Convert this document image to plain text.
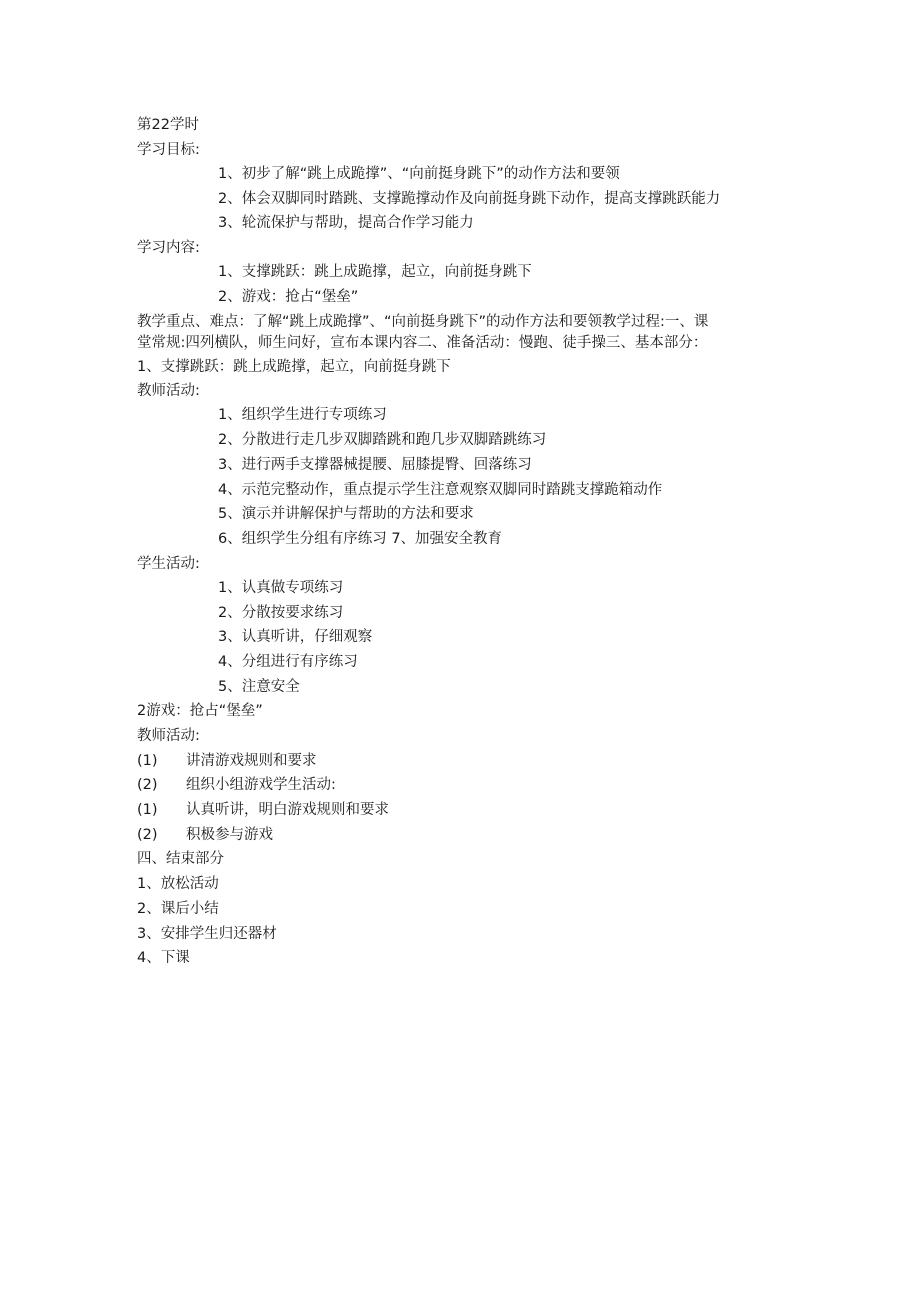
第22学时
学习目标:
1、初步了解“跳上成跪撑”、“向前挺身跳下”的动作方法和要领
2、体会双脚同时踏跳、支撑跪撑动作及向前挺身跳下动作，提高支撑跳跃能力
3、轮流保护与帮助，提高合作学习能力
学习内容:
1、支撑跳跃：跳上成跪撑，起立，向前挺身跳下
2、游戏：抢占“堡垒”
教学重点、难点：了解“跳上成跪撑”、“向前挺身跳下”的动作方法和要领教学过程:一、课
堂常规:四列横队，师生问好，宣布本课内容二、准备活动：慢跑、徒手操三、基本部分：
1、支撑跳跃：跳上成跪撑，起立，向前挺身跳下
教师活动:
1、组织学生进行专项练习
2、分散进行走几步双脚踏跳和跑几步双脚踏跳练习
3、进行两手支撑器械提腰、屈膝提臀、回落练习
4、示范完整动作，重点提示学生注意观察双脚同时踏跳支撑跪箱动作
5、演示并讲解保护与帮助的方法和要求
6、组织学生分组有序练习 7、加强安全教育
学生活动:
1、认真做专项练习
2、分散按要求练习
3、认真听讲，仔细观察
4、分组进行有序练习
5、注意安全
2游戏：抢占“堡垒”
教师活动:
(1) 讲清游戏规则和要求
(2) 组织小组游戏学生活动:
(1) 认真听讲，明白游戏规则和要求
(2) 积极参与游戏
四、结束部分
1、放松活动
2、课后小结
3、安排学生归还器材
4、下课
